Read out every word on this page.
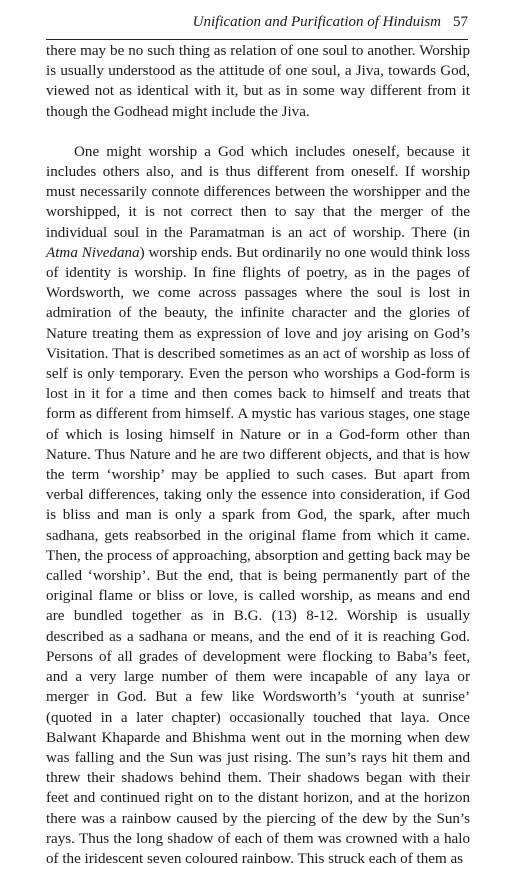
Unification and Purification of Hinduism 57

there may be no such thing as relation of one soul to another. Worship is usually understood as the attitude of one soul, a Jiva, towards God, viewed not as identical with it, but as in some way different from it though the Godhead might include the Jiva.

One might worship a God which includes oneself, because it includes others also, and is thus different from oneself. If worship must necessarily connote differences between the worshipper and the worshipped, it is not correct then to say that the merger of the individual soul in the Paramatman is an act of worship. There (in Atma Nivedana) worship ends. But ordinarily no one would think loss of identity is worship. In fine flights of poetry, as in the pages of Wordsworth, we come across passages where the soul is lost in admiration of the beauty, the infinite character and the glories of Nature treating them as expression of love and joy arising on God’s Visitation. That is described sometimes as an act of worship as loss of self is only temporary. Even the person who worships a God-form is lost in it for a time and then comes back to himself and treats that form as different from himself. A mystic has various stages, one stage of which is losing himself in Nature or in a God-form other than Nature. Thus Nature and he are two different objects, and that is how the term ‘worship’ may be applied to such cases. But apart from verbal differences, taking only the essence into consideration, if God is bliss and man is only a spark from God, the spark, after much sadhana, gets reabsorbed in the original flame from which it came. Then, the process of approaching, absorption and getting back may be called ‘worship’. But the end, that is being permanently part of the original flame or bliss or love, is called worship, as means and end are bundled together as in B.G. (13) 8-12. Worship is usually described as a sadhana or means, and the end of it is reaching God. Persons of all grades of development were flocking to Baba’s feet, and a very large number of them were incapable of any laya or merger in God. But a few like Wordsworth’s ‘youth at sunrise’ (quoted in a later chapter) occasionally touched that laya. Once Balwant Khaparde and Bhishma went out in the morning when dew was falling and the Sun was just rising. The sun’s rays hit them and threw their shadows behind them. Their shadows began with their feet and continued right on to the distant horizon, and at the horizon there was a rainbow caused by the piercing of the dew by the Sun’s rays. Thus the long shadow of each of them was crowned with a halo of the iridescent seven coloured rainbow. This struck each of them as
